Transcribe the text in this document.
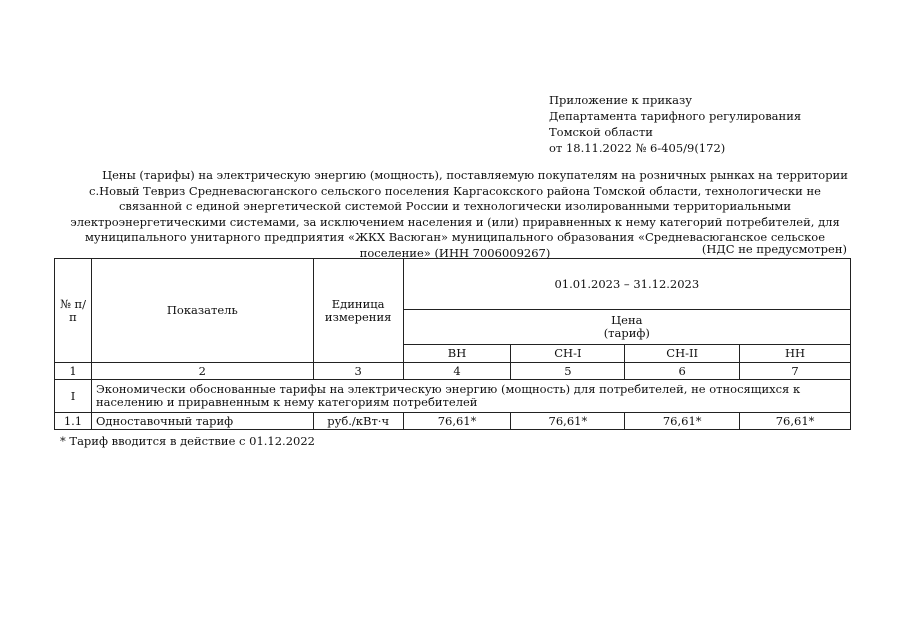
Приложение к приказу
Департамента тарифного регулирования
Томской области
от 18.11.2022 № 6-405/9(172)
Цены (тарифы) на электрическую энергию (мощность), поставляемую покупателям на розничных рынках на территории с.Новый Тевриз Средневасюганского сельского поселения Каргасокского района Томской области, технологически не связанной с единой энергетической системой России и технологически изолированными территориальными электроэнергетическими системами, за исключением населения и (или) приравненных к нему категорий потребителей, для муниципального унитарного предприятия «ЖКХ Васюган» муниципального образования «Средневасюганское сельское поселение» (ИНН 7006009267)	(НДС не предусмотрен)
№ п/п	Показатель	Единица измерения	01.01.2023 – 31.12.2023			

			Цена
(тариф)			

			ВН	СН-I	СН-II	НН
1	2	3	4	5	6	7
I	Экономически обоснованные тарифы на электрическую энергию (мощность) для потребителей, не относящихся к населению и приравненным к нему категориям потребителей					
1.1	Одноставочный тариф	руб./кВт·ч	76,61*	76,61*	76,61*	76,61*
* Тариф вводится в действие с 01.12.2022
